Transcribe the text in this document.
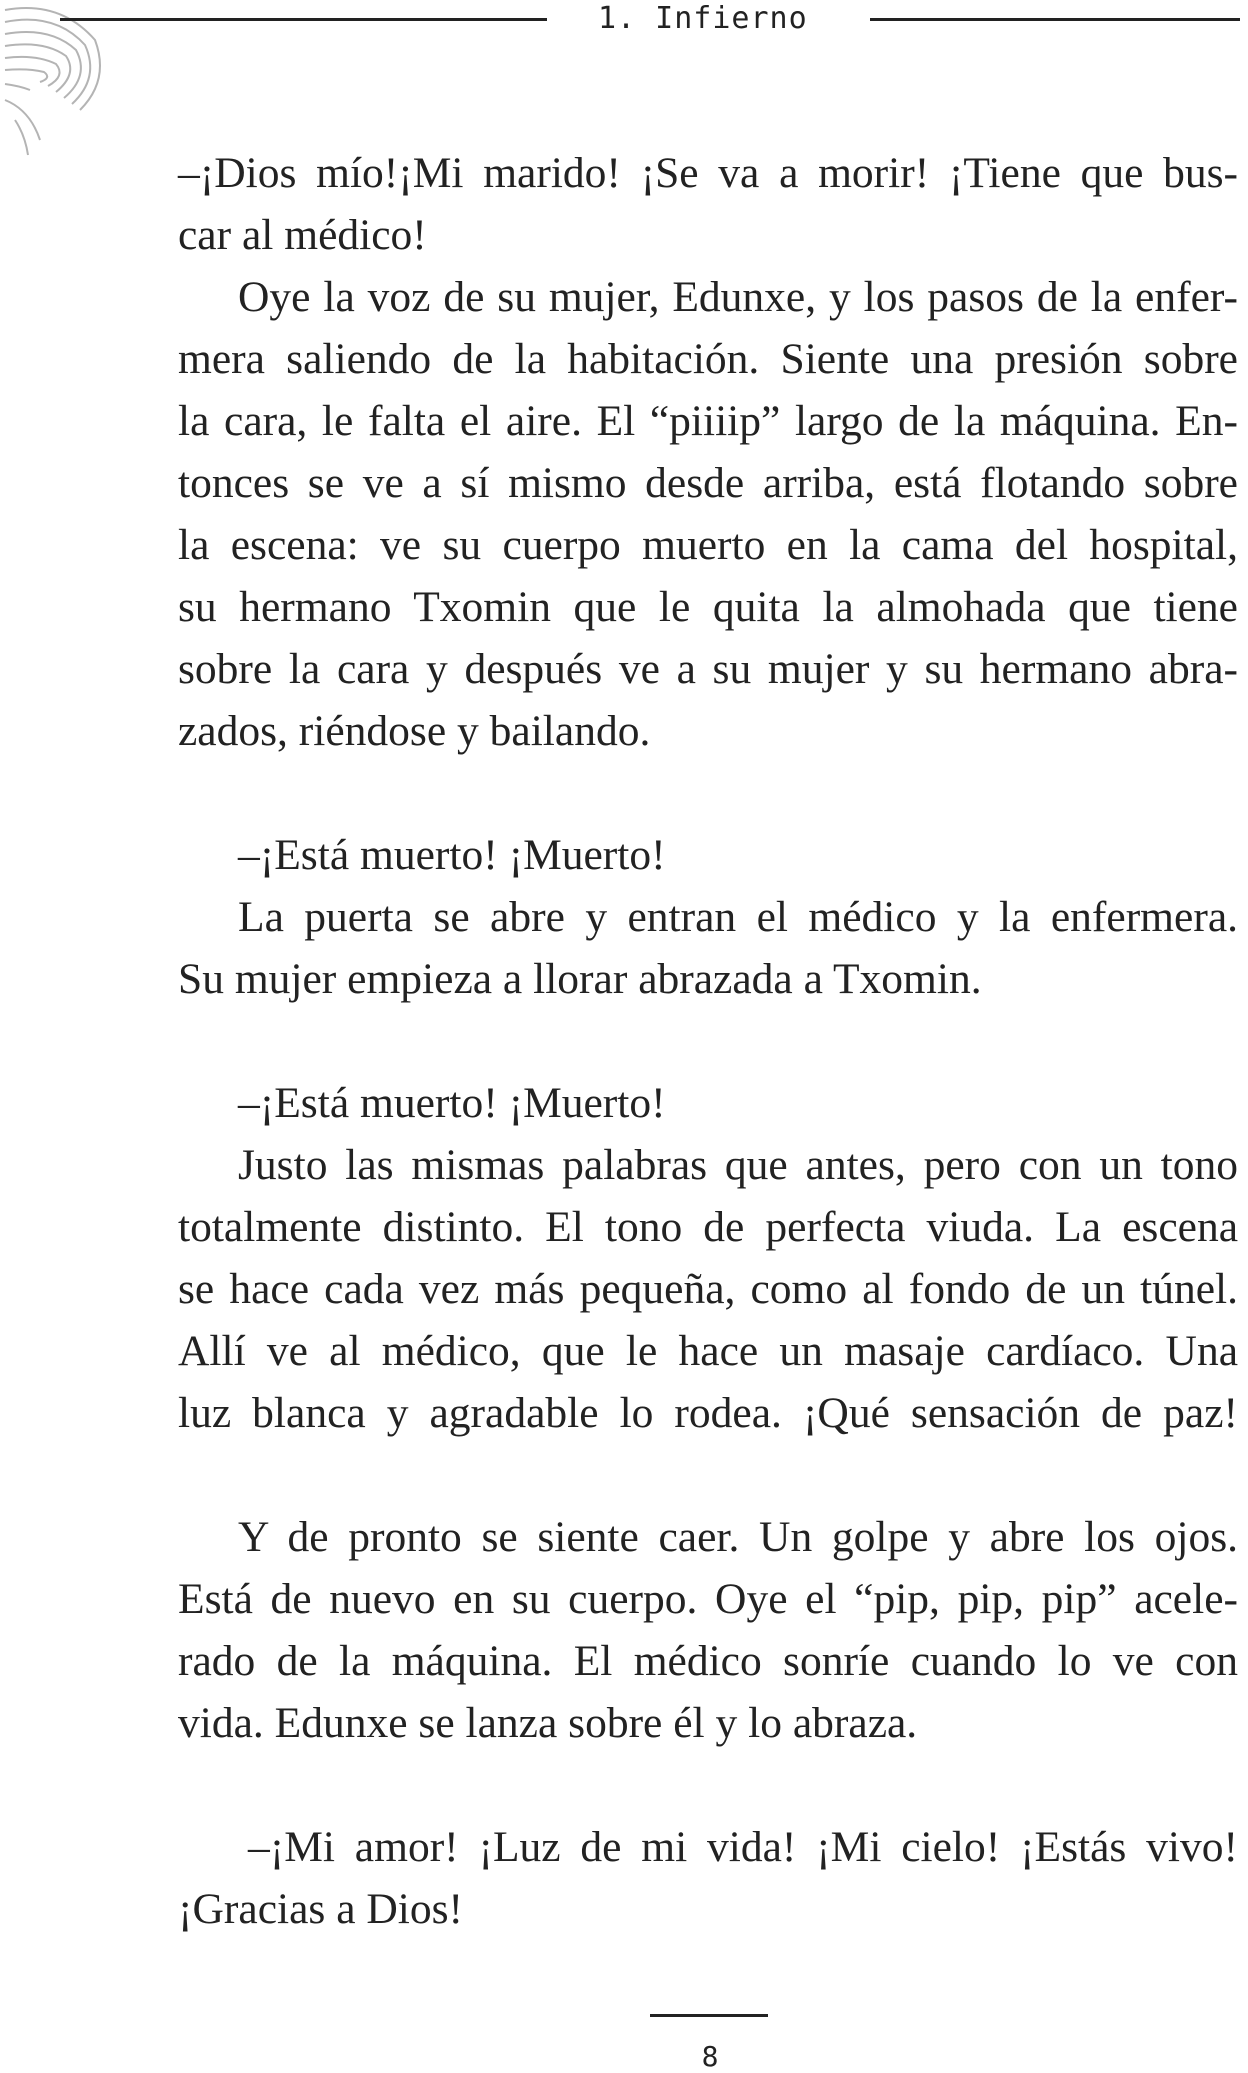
1. Infierno
–¡Dios mío!¡Mi marido! ¡Se va a morir! ¡Tiene que bus-
car al médico!
Oye la voz de su mujer, Edunxe, y los pasos de la enfer-
mera saliendo de la habitación. Siente una presión sobre
la cara, le falta el aire. El “piiiip” largo de la máquina. En-
tonces se ve a sí mismo desde arriba, está flotando sobre
la escena: ve su cuerpo muerto en la cama del hospital,
su hermano Txomin que le quita la almohada que tiene
sobre la cara y después ve a su mujer y su hermano abra-
zados, riéndose y bailando.
–¡Está muerto! ¡Muerto!
La puerta se abre y entran el médico y la enfermera.
Su mujer empieza a llorar abrazada a Txomin.
–¡Está muerto! ¡Muerto!
Justo las mismas palabras que antes, pero con un tono
totalmente distinto. El tono de perfecta viuda. La escena
se hace cada vez más pequeña, como al fondo de un túnel.
Allí ve al médico, que le hace un masaje cardíaco. Una
luz blanca y agradable lo rodea. ¡Qué sensación de paz!
Y de pronto se siente caer. Un golpe y abre los ojos.
Está de nuevo en su cuerpo. Oye el “pip, pip, pip” acele-
rado de la máquina. El médico sonríe cuando lo ve con
vida. Edunxe se lanza sobre él y lo abraza.
–¡Mi amor! ¡Luz de mi vida! ¡Mi cielo! ¡Estás vivo!
¡Gracias a Dios!
8
